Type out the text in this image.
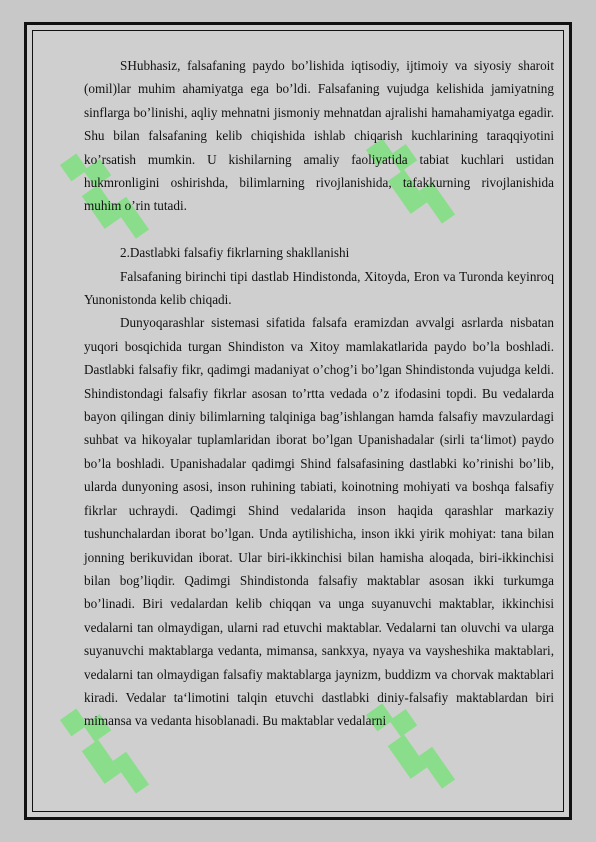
SHubhasiz, falsafaning paydo bo’lishida iqtisodiy, ijtimoiy va siyosiy sharoit (omil)lar muhim ahamiyatga ega bo’ldi. Falsafaning vujudga kelishida jamiyatning sinflarga bo’linishi, aqliy mehnatni jismoniy mehnatdan ajralishi hamahamiyatga egadir. Shu bilan falsafaning kelib chiqishida ishlab chiqarish kuchlarining taraqqiyotini ko’rsatish mumkin. U kishilarning amaliy faoliyatida tabiat kuchlari ustidan hukmronligini oshirishda, bilimlarning rivojlanishida, tafakkurning rivojlanishida muhim o’rin tutadi.

2.Dastlabki falsafiy fikrlarning shakllanishi

Falsafaning birinchi tipi dastlab Hindistonda, Xitoyda, Eron va Turonda keyinroq Yunonistonda kelib chiqadi.

Dunyoqarashlar sistemasi sifatida falsafa eramizdan avvalgi asrlarda nisbatan yuqori bosqichida turgan Shindiston va Xitoy mamlakatlarida paydo bo’la boshladi. Dastlabki falsafiy fikr, qadimgi madaniyat o’chog’i bo’lgan Shindistonda vujudga keldi. Shindistondagi falsafiy fikrlar asosan to’rtta vedada o’z ifodasini topdi. Bu vedalarda bayon qilingan diniy bilimlarning talqiniga bag’ishlangan hamda falsafiy mavzulardagi suhbat va hikoyalar tuplamlaridan iborat bo’lgan Upanishadalar (sirli ta‘limot) paydo bo’la boshladi. Upanishadalar qadimgi Shind falsafasining dastlabki ko’rinishi bo’lib, ularda dunyoning asosi, inson ruhining tabiati, koinotning mohiyati va boshqa falsafiy fikrlar uchraydi. Qadimgi Shind vedalarida inson haqida qarashlar markaziy tushunchalardan iborat bo’lgan. Unda aytilishicha, inson ikki yirik mohiyat: tana bilan jonning berikuvidan iborat. Ular biri-ikkinchisi bilan hamisha aloqada, biri-ikkinchisi bilan bog’liqdir. Qadimgi Shindistonda falsafiy maktablar asosan ikki turkumga bo’linadi. Biri vedalardan kelib chiqqan va unga suyanuvchi maktablar, ikkinchisi vedalarni tan olmaydigan, ularni rad etuvchi maktablar. Vedalarni tan oluvchi va ularga suyanuvchi maktablarga vedanta, mimansa, sankxya, nyaya va vaysheshika maktablari, vedalarni tan olmaydigan falsafiy maktablarga jaynizm, buddizm va chorvak maktablari kiradi. Vedalar ta‘limotini talqin etuvchi dastlabki diniy-falsafiy maktablardan biri mimansa va vedanta hisoblanadi. Bu maktablar vedalarni
